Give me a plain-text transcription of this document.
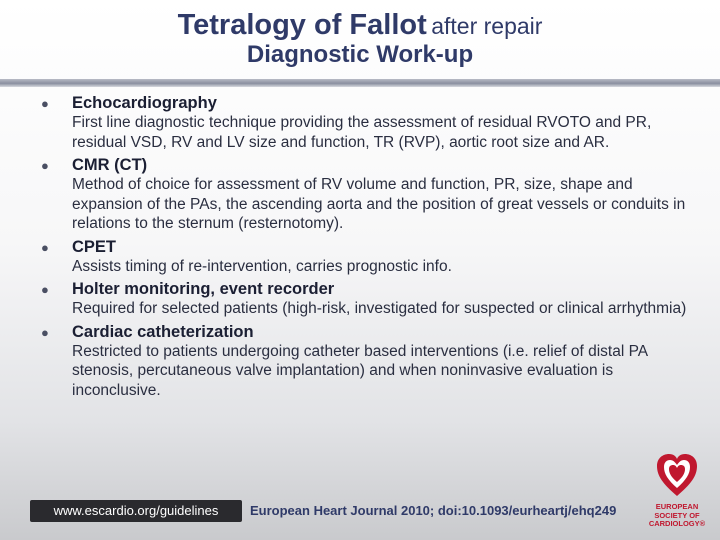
Tetralogy of Fallot after repair
Diagnostic Work-up
● Echocardiography
First line diagnostic technique providing the assessment of residual RVOTO and PR, residual VSD, RV and LV size and function, TR (RVP), aortic root size and AR.
● CMR (CT)
Method of choice for assessment of RV volume and function, PR, size, shape and expansion of the PAs, the ascending aorta and the position of great vessels or conduits in relations to the sternum (resternotomy).
● CPET
Assists timing of re-intervention, carries prognostic info.
● Holter monitoring, event recorder
Required for selected patients (high-risk, investigated for suspected or clinical arrhythmia)
● Cardiac catheterization
Restricted to patients undergoing catheter based interventions (i.e. relief of distal PA stenosis, percutaneous valve implantation) and when noninvasive evaluation is inconclusive.
www.escardio.org/guidelines	European Heart Journal 2010; doi:10.1093/eurheartj/ehq249	EUROPEAN
SOCIETY OF
CARDIOLOGY®
